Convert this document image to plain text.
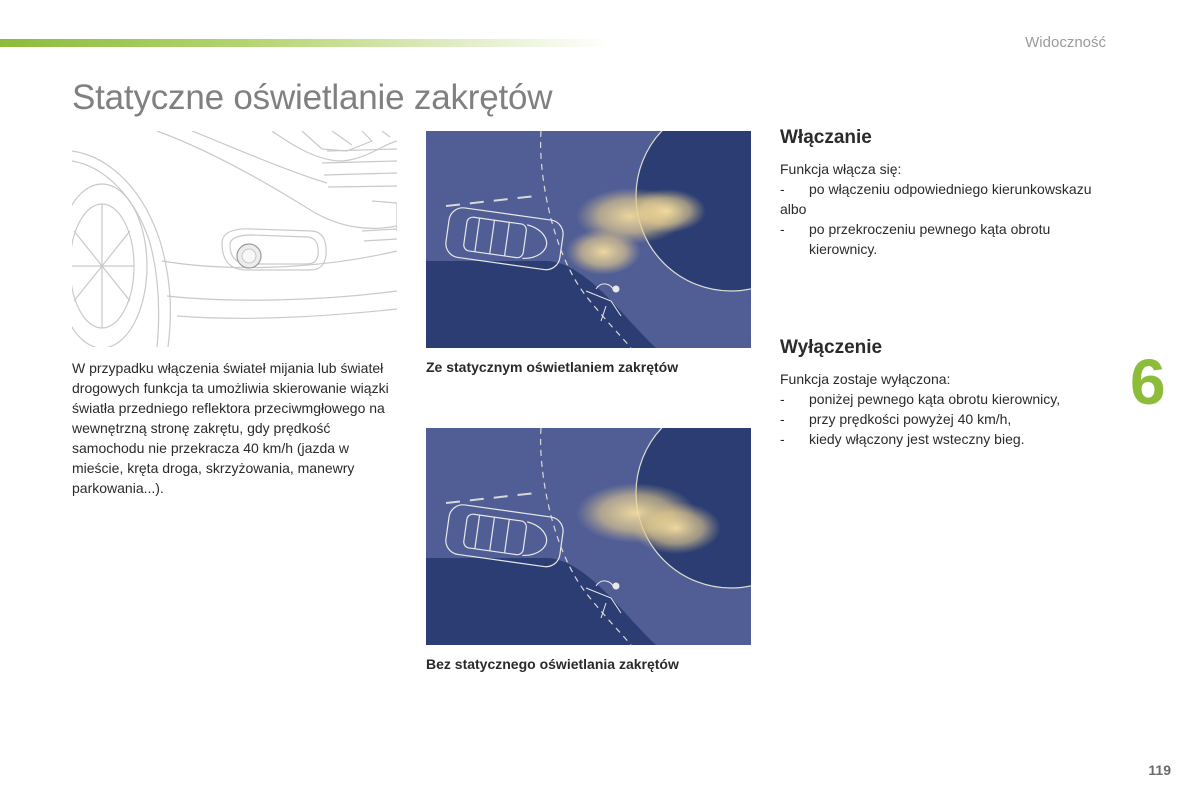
Widoczność
Statyczne oświetlanie zakrętów

W przypadku włączenia świateł mijania lub świateł drogowych funkcja ta umożliwia skierowanie wiązki światła przedniego reflektora przeciwmgłowego na wewnętrzną stronę zakrętu, gdy prędkość samochodu nie przekracza 40 km/h (jazda w mieście, kręta droga, skrzyżowania, manewry parkowania...).

Ze statycznym oświetlaniem zakrętów
Bez statycznego oświetlania zakrętów
Włączanie

Funkcja włącza się:

- po włączeniu odpowiedniego kierunkowskazu

albo

- po przekroczeniu pewnego kąta obrotu kierownicy.
Wyłączenie

Funkcja zostaje wyłączona:

- poniżej pewnego kąta obrotu kierownicy,
- przy prędkości powyżej 40 km/h,
- kiedy włączony jest wsteczny bieg.
6
119
